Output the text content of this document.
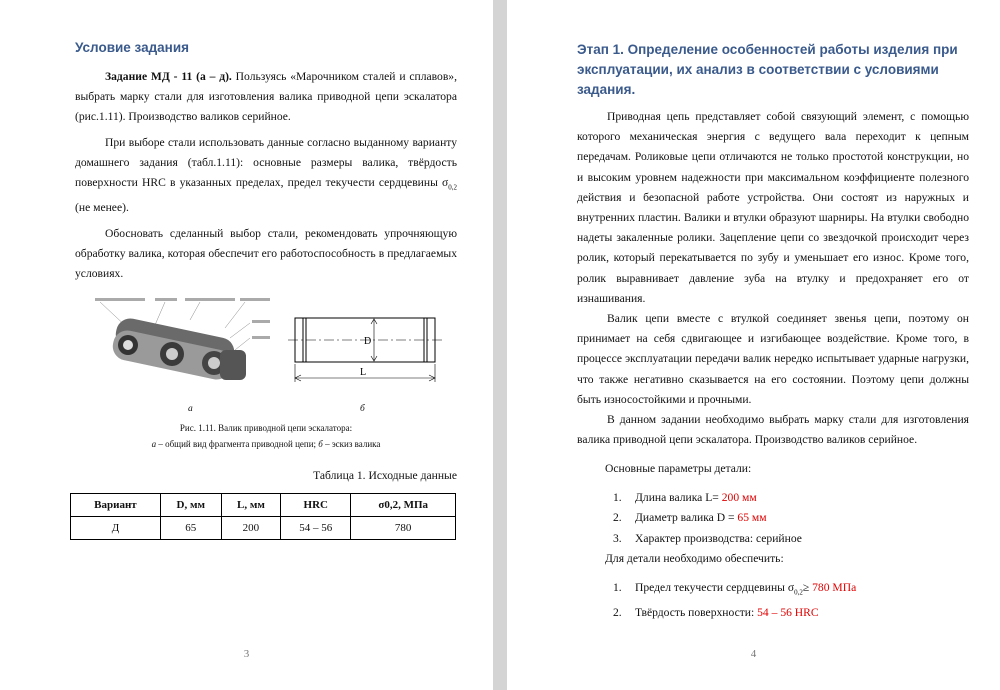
Условие задания

Задание МД - 11 (а – д). Пользуясь «Марочником сталей и сплавов», выбрать марку стали для изготовления валика приводной цепи эскалатора (рис.1.11). Производство валиков серийное.

При выборе стали использовать данные согласно выданному варианту домашнего задания (табл.1.11): основные размеры валика, твёрдость поверхности HRC в указанных пределах, предел текучести сердцевины $\sigma_{0,2}$ (не менее).

Обосновать сделанный выбор стали, рекомендовать упрочняющую обработку валика, которая обеспечит его работоспособность в предлагаемых условиях.

D
L
а	б
Рис. 1.11. Валик приводной цепи эскалатора:
а – общий вид фрагмента приводной цепи; б – эскиз валика
Таблица 1. Исходные данные
Вариант	D, мм	L, мм	HRC	σ0,2, МПа
Д	65	200	54 – 56	780
3
Этап 1. Определение особенностей работы изделия при эксплуатации, их анализ в соответствии с условиями задания.

Приводная цепь представляет собой связующий элемент, с помощью которого механическая энергия с ведущего вала переходит к цепным передачам. Роликовые цепи отличаются не только простотой конструкции, но и высоким уровнем надежности при максимальном коэффициенте полезного действия и безопасной работе устройства. Они состоят из наружных и внутренних пластин. Валики и втулки образуют шарниры. На втулки свободно надеты закаленные ролики. Зацепление цепи со звездочкой происходит через ролик, который перекатывается по зубу и уменьшает его износ. Кроме того, ролик выравнивает давление зуба на втулку и предохраняет его от изнашивания.

Валик цепи вместе с втулкой соединяет звенья цепи, поэтому он принимает на себя сдвигающее и изгибающее воздействие. Кроме того, в процессе эксплуатации передачи валик нередко испытывает ударные нагрузки, что также негативно сказывается на его состоянии. Поэтому цепи должны быть износостойкими и прочными.

В данном задании необходимо выбрать марку стали для изготовления валика приводной цепи эскалатора. Производство валиков серийное.

Основные параметры детали:

1. Длина валика L= 200 мм
2. Диаметр валика D = 65 мм
3. Характер производства: серийное

Для детали необходимо обеспечить:

1. Предел текучести сердцевины $\sigma_{0,2}\ge 780$ МПа
2. Твёрдость поверхности: 54 – 56 HRC
4
